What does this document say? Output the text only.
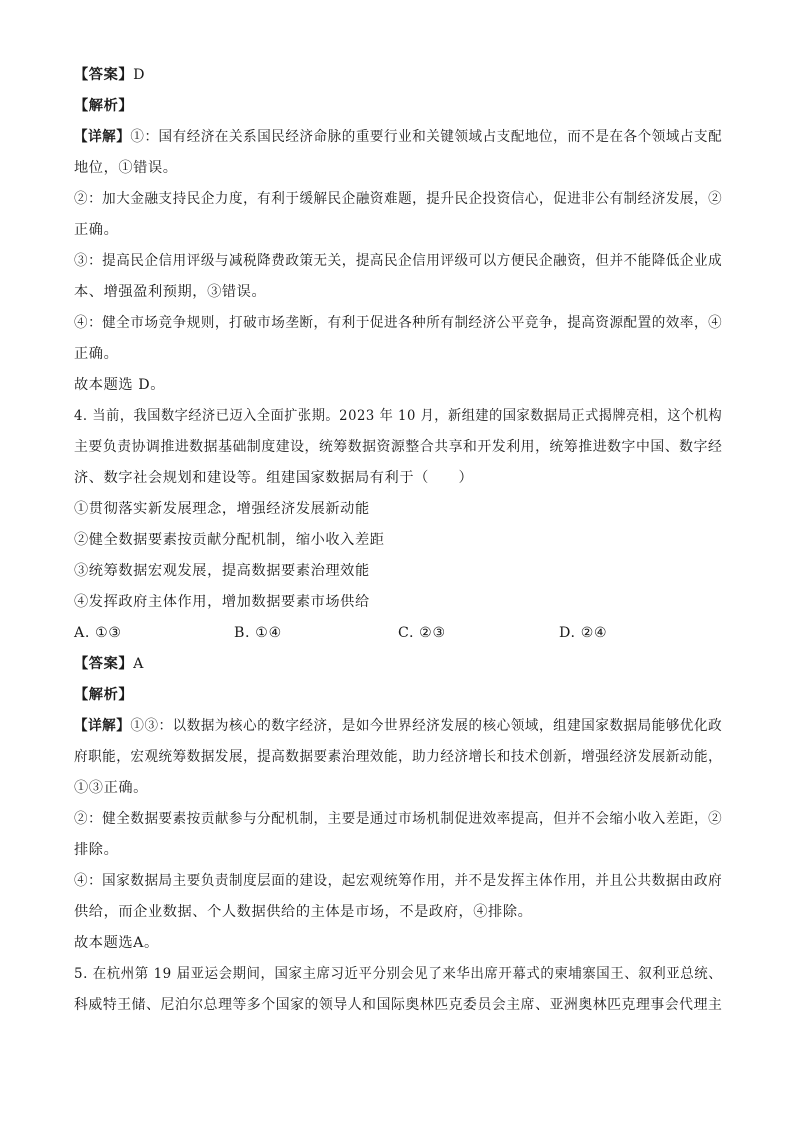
【答案】D
【解析】
【详解】①：国有经济在关系国民经济命脉的重要行业和关键领域占支配地位，而不是在各个领域占支配
地位，①错误。
②：加大金融支持民企力度，有利于缓解民企融资难题，提升民企投资信心，促进非公有制经济发展，②
正确。
③：提高民企信用评级与减税降费政策无关，提高民企信用评级可以方便民企融资，但并不能降低企业成
本、增强盈利预期，③错误。
④：健全市场竞争规则，打破市场垄断，有利于促进各种所有制经济公平竞争，提高资源配置的效率，④
正确。
故本题选 D。
4. 当前，我国数字经济已迈入全面扩张期。2023 年 10 月，新组建的国家数据局正式揭牌亮相，这个机构
主要负责协调推进数据基础制度建设，统筹数据资源整合共享和开发利用，统筹推进数字中国、数字经
济、数字社会规划和建设等。组建国家数据局有利于（　　）
①贯彻落实新发展理念，增强经济发展新动能
②健全数据要素按贡献分配机制，缩小收入差距
③统筹数据宏观发展，提高数据要素治理效能
④发挥政府主体作用，增加数据要素市场供给
A. ①③	B. ①④	C. ②③	D. ②④
【答案】A
【解析】
【详解】①③：以数据为核心的数字经济，是如今世界经济发展的核心领域，组建国家数据局能够优化政
府职能，宏观统筹数据发展，提高数据要素治理效能，助力经济增长和技术创新，增强经济发展新动能，
①③正确。
②：健全数据要素按贡献参与分配机制，主要是通过市场机制促进效率提高，但并不会缩小收入差距，②
排除。
④：国家数据局主要负责制度层面的建设，起宏观统筹作用，并不是发挥主体作用，并且公共数据由政府
供给，而企业数据、个人数据供给的主体是市场，不是政府，④排除。
故本题选A。
5. 在杭州第 19 届亚运会期间，国家主席习近平分别会见了来华出席开幕式的柬埔寨国王、叙利亚总统、
科威特王储、尼泊尔总理等多个国家的领导人和国际奥林匹克委员会主席、亚洲奥林匹克理事会代理主
